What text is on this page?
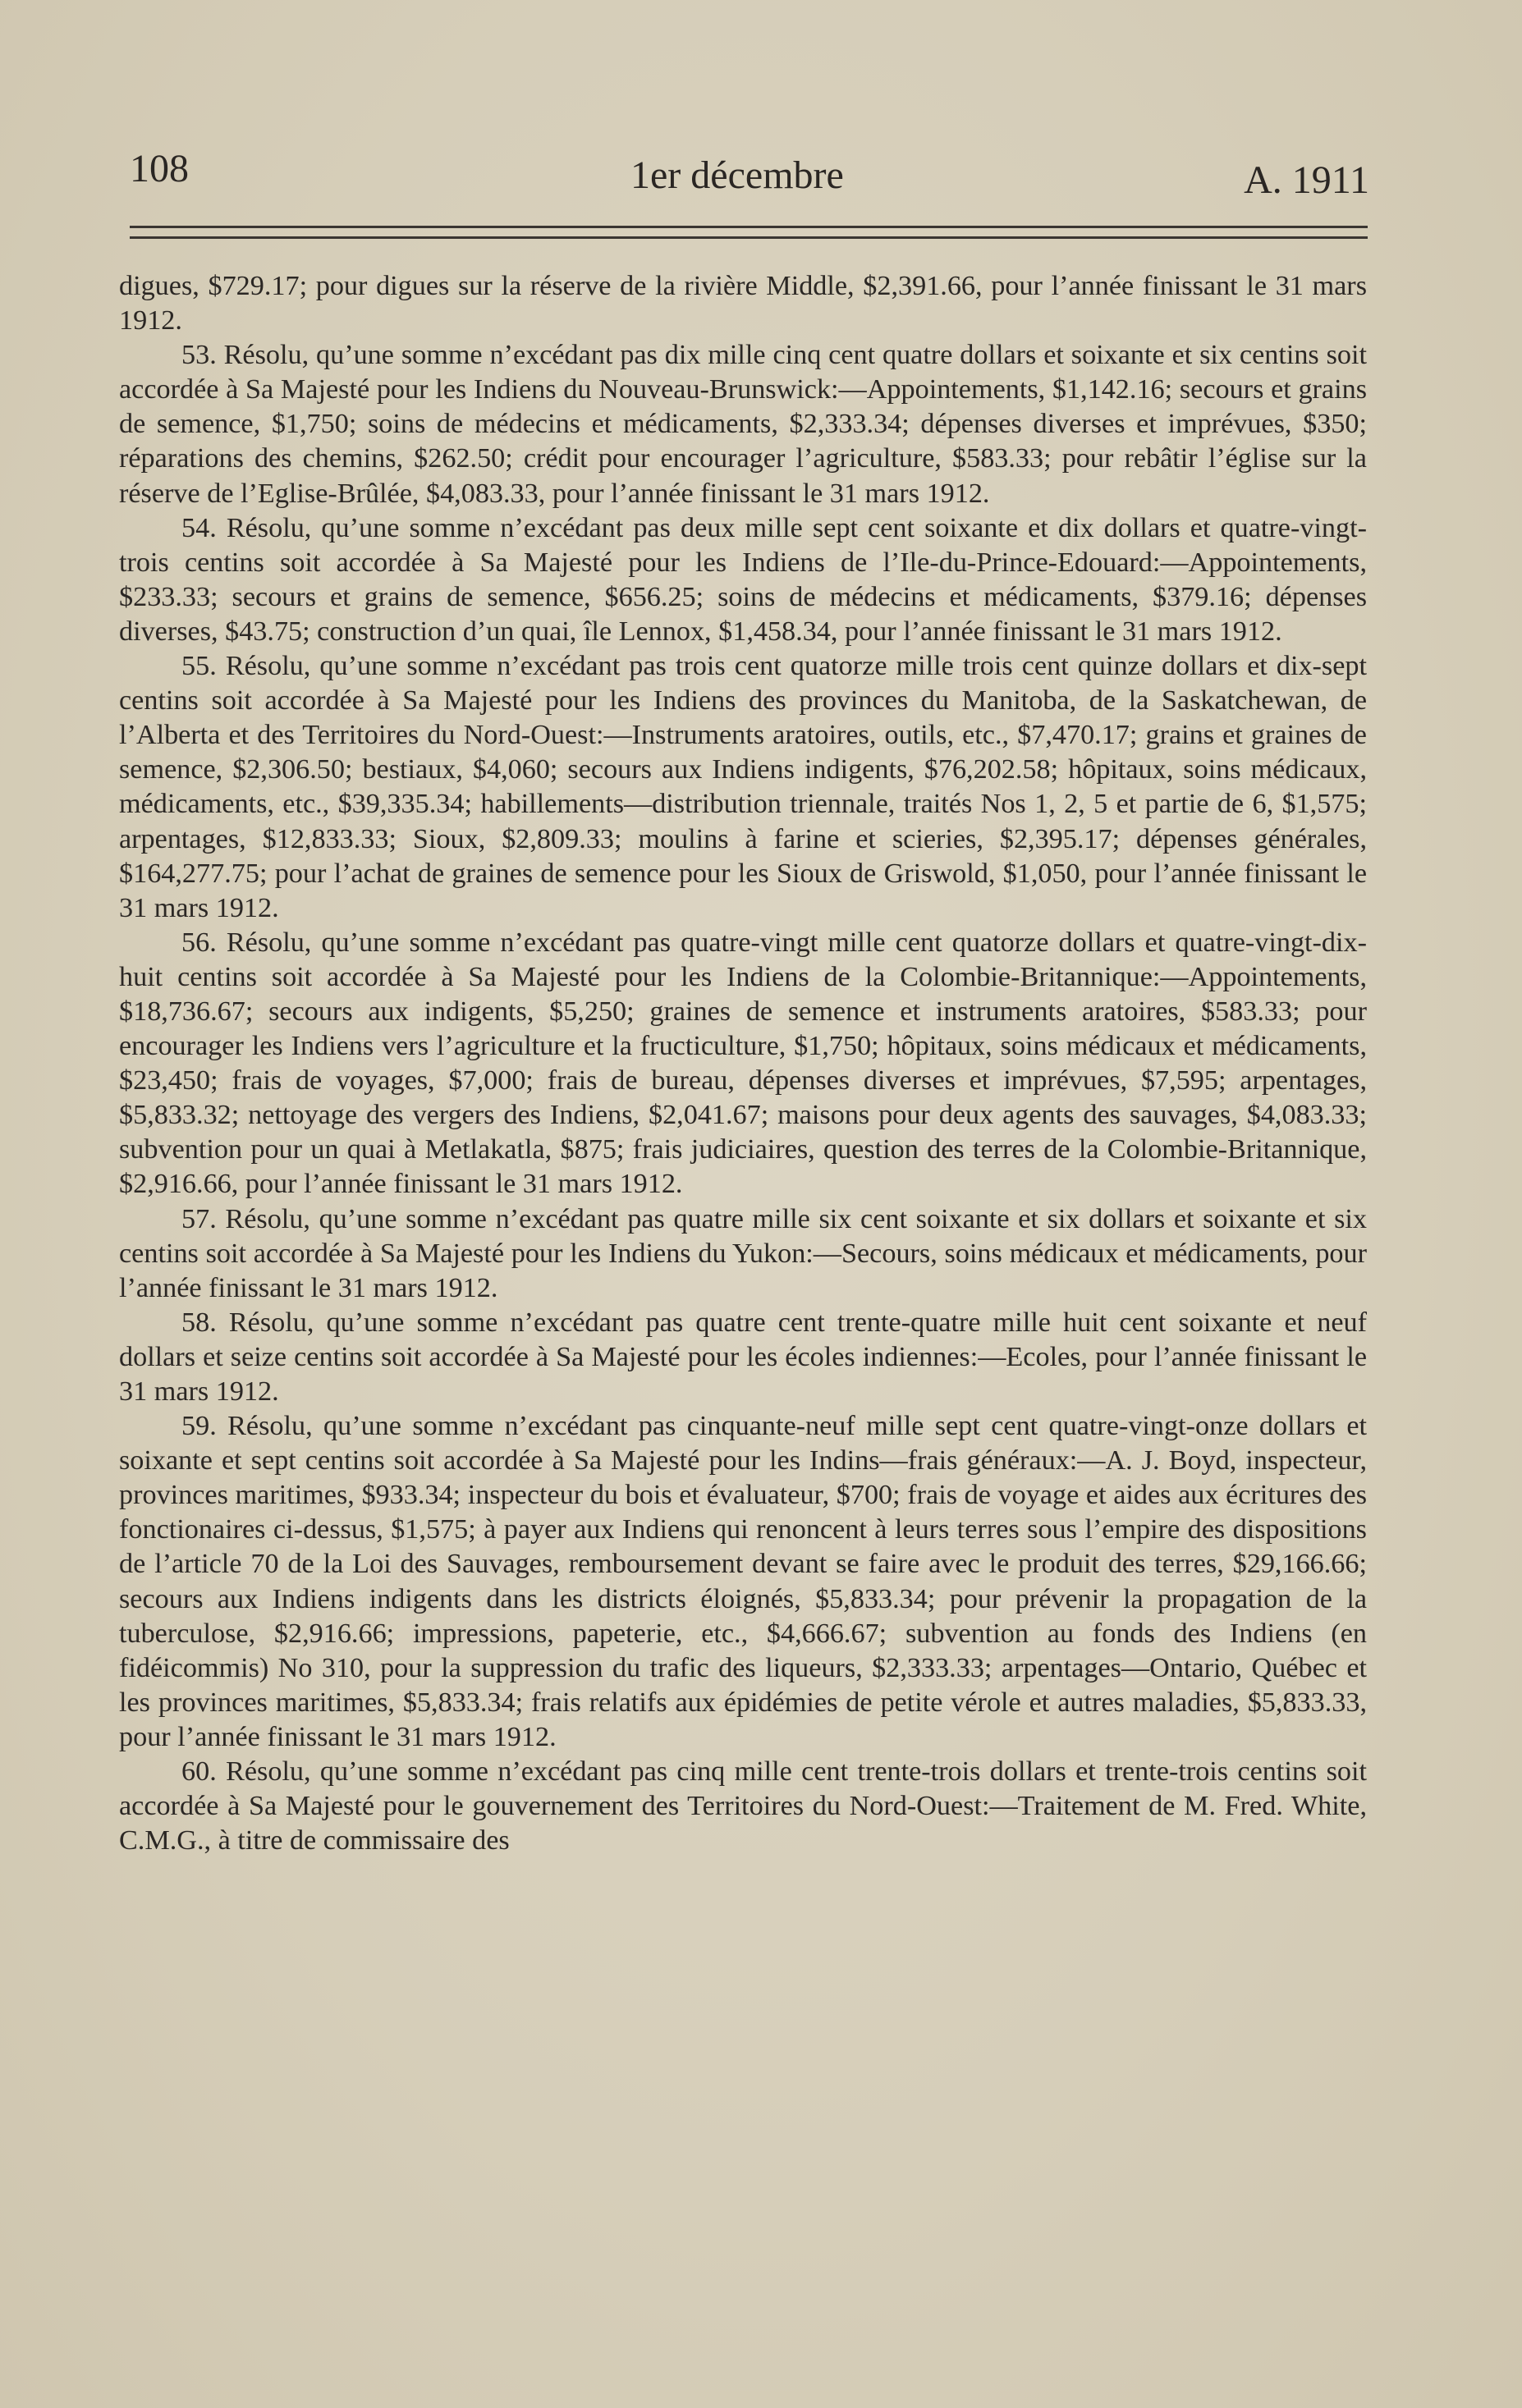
108	1er décembre	A. 1911

digues, $729.17; pour digues sur la réserve de la rivière Middle, $2,391.66, pour l’année finissant le 31 mars 1912.

53. Résolu, qu’une somme n’excédant pas dix mille cinq cent quatre dollars et soixante et six centins soit accordée à Sa Majesté pour les Indiens du Nouveau-Brunswick:—Appointements, $1,142.16; secours et grains de semence, $1,750; soins de médecins et médicaments, $2,333.34; dépenses diverses et imprévues, $350; réparations des chemins, $262.50; crédit pour encourager l’agriculture, $583.33; pour rebâtir l’église sur la réserve de l’Eglise-Brûlée, $4,083.33, pour l’année finissant le 31 mars 1912.

54. Résolu, qu’une somme n’excédant pas deux mille sept cent soixante et dix dollars et quatre-vingt-trois centins soit accordée à Sa Majesté pour les Indiens de l’Ile-du-Prince-Edouard:—Appointements, $233.33; secours et grains de semence, $656.25; soins de médecins et médicaments, $379.16; dépenses diverses, $43.75; construction d’un quai, île Lennox, $1,458.34, pour l’année finissant le 31 mars 1912.

55. Résolu, qu’une somme n’excédant pas trois cent quatorze mille trois cent quinze dollars et dix-sept centins soit accordée à Sa Majesté pour les Indiens des provinces du Manitoba, de la Saskatchewan, de l’Alberta et des Territoires du Nord-Ouest:—Instruments aratoires, outils, etc., $7,470.17; grains et graines de semence, $2,306.50; bestiaux, $4,060; secours aux Indiens indigents, $76,202.58; hôpitaux, soins médicaux, médicaments, etc., $39,335.34; habillements—distribution triennale, traités Nos 1, 2, 5 et partie de 6, $1,575; arpentages, $12,833.33; Sioux, $2,809.33; moulins à farine et scieries, $2,395.17; dépenses générales, $164,277.75; pour l’achat de graines de semence pour les Sioux de Griswold, $1,050, pour l’année finissant le 31 mars 1912.

56. Résolu, qu’une somme n’excédant pas quatre-vingt mille cent quatorze dollars et quatre-vingt-dix-huit centins soit accordée à Sa Majesté pour les Indiens de la Colombie-Britannique:—Appointements, $18,736.67; secours aux indigents, $5,250; graines de semence et instruments aratoires, $583.33; pour encourager les Indiens vers l’agriculture et la fructiculture, $1,750; hôpitaux, soins médicaux et médicaments, $23,450; frais de voyages, $7,000; frais de bureau, dépenses diverses et imprévues, $7,595; arpentages, $5,833.32; nettoyage des vergers des Indiens, $2,041.67; maisons pour deux agents des sauvages, $4,083.33; subvention pour un quai à Metlakatla, $875; frais judiciaires, question des terres de la Colombie-Britannique, $2,916.66, pour l’année finissant le 31 mars 1912.

57. Résolu, qu’une somme n’excédant pas quatre mille six cent soixante et six dollars et soixante et six centins soit accordée à Sa Majesté pour les Indiens du Yukon:—Secours, soins médicaux et médicaments, pour l’année finissant le 31 mars 1912.

58. Résolu, qu’une somme n’excédant pas quatre cent trente-quatre mille huit cent soixante et neuf dollars et seize centins soit accordée à Sa Majesté pour les écoles indiennes:—Ecoles, pour l’année finissant le 31 mars 1912.

59. Résolu, qu’une somme n’excédant pas cinquante-neuf mille sept cent quatre-vingt-onze dollars et soixante et sept centins soit accordée à Sa Majesté pour les Indins—frais généraux:—A. J. Boyd, inspecteur, provinces maritimes, $933.34; inspecteur du bois et évaluateur, $700; frais de voyage et aides aux écritures des fonctionaires ci-dessus, $1,575; à payer aux Indiens qui renoncent à leurs terres sous l’empire des dispositions de l’article 70 de la Loi des Sauvages, remboursement devant se faire avec le produit des terres, $29,166.66; secours aux Indiens indigents dans les districts éloignés, $5,833.34; pour prévenir la propagation de la tuberculose, $2,916.66; impressions, papeterie, etc., $4,666.67; subvention au fonds des Indiens (en fidéicommis) No 310, pour la suppression du trafic des liqueurs, $2,333.33; arpentages—Ontario, Québec et les provinces maritimes, $5,833.34; frais relatifs aux épidémies de petite vérole et autres maladies, $5,833.33, pour l’année finissant le 31 mars 1912.

60. Résolu, qu’une somme n’excédant pas cinq mille cent trente-trois dollars et trente-trois centins soit accordée à Sa Majesté pour le gouvernement des Territoires du Nord-Ouest:—Traitement de M. Fred. White, C.M.G., à titre de commissaire des
